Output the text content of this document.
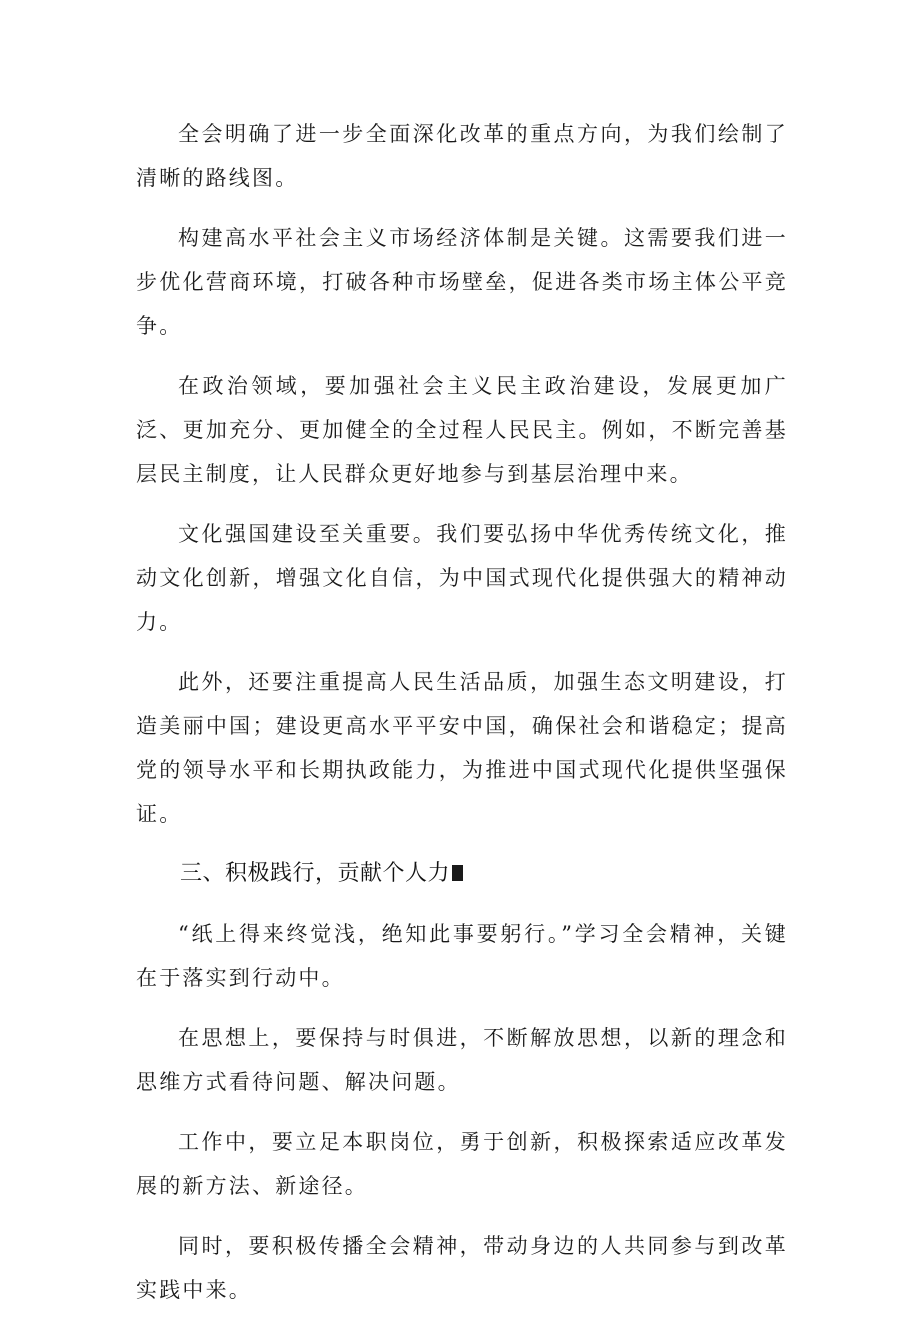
全会明确了进一步全面深化改革的重点方向，为我们绘制了清晰的路线图。

构建高水平社会主义市场经济体制是关键。这需要我们进一步优化营商环境，打破各种市场壁垒，促进各类市场主体公平竞争。

在政治领域，要加强社会主义民主政治建设，发展更加广泛、更加充分、更加健全的全过程人民民主。例如，不断完善基层民主制度，让人民群众更好地参与到基层治理中来。

文化强国建设至关重要。我们要弘扬中华优秀传统文化，推动文化创新，增强文化自信，为中国式现代化提供强大的精神动力。

此外，还要注重提高人民生活品质，加强生态文明建设，打造美丽中国；建设更高水平平安中国，确保社会和谐稳定；提高党的领导水平和长期执政能力，为推进中国式现代化提供坚强保证。

三、积极践行，贡献个人力

“纸上得来终觉浅，绝知此事要躬行。”学习全会精神，关键在于落实到行动中。

在思想上，要保持与时俱进，不断解放思想，以新的理念和思维方式看待问题、解决问题。

工作中，要立足本职岗位，勇于创新，积极探索适应改革发展的新方法、新途径。

同时，要积极传播全会精神，带动身边的人共同参与到改革实践中来。
